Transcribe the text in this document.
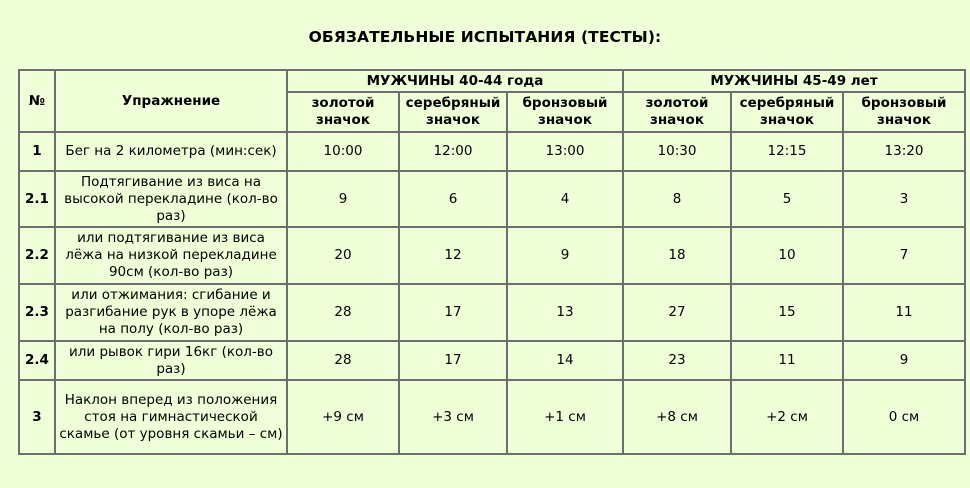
ОБЯЗАТЕЛЬНЫЕ ИСПЫТАНИЯ (ТЕСТЫ):
№	Упражнение	МУЖЧИНЫ 40-44 года			МУЖЧИНЫ 45-49 лет		
		золотой значок	серебряный значок	бронзовый значок	золотой значок	серебряный значок	бронзовый значок
1	Бег на 2 километра (мин:сек)	10:00	12:00	13:00	10:30	12:15	13:20
2.1	Подтягивание из виса на высокой перекладине (кол-во раз)	9	6	4	8	5	3
2.2	или подтягивание из виса лёжа на низкой перекладине 90см (кол-во раз)	20	12	9	18	10	7
2.3	или отжимания: сгибание и разгибание рук в упоре лёжа на полу (кол-во раз)	28	17	13	27	15	11
2.4	или рывок гири 16кг (кол-во раз)	28	17	14	23	11	9
3	Наклон вперед из положения стоя на гимнастической скамье (от уровня скамьи – см)	+9 см	+3 см	+1 см	+8 см	+2 см	0 см
